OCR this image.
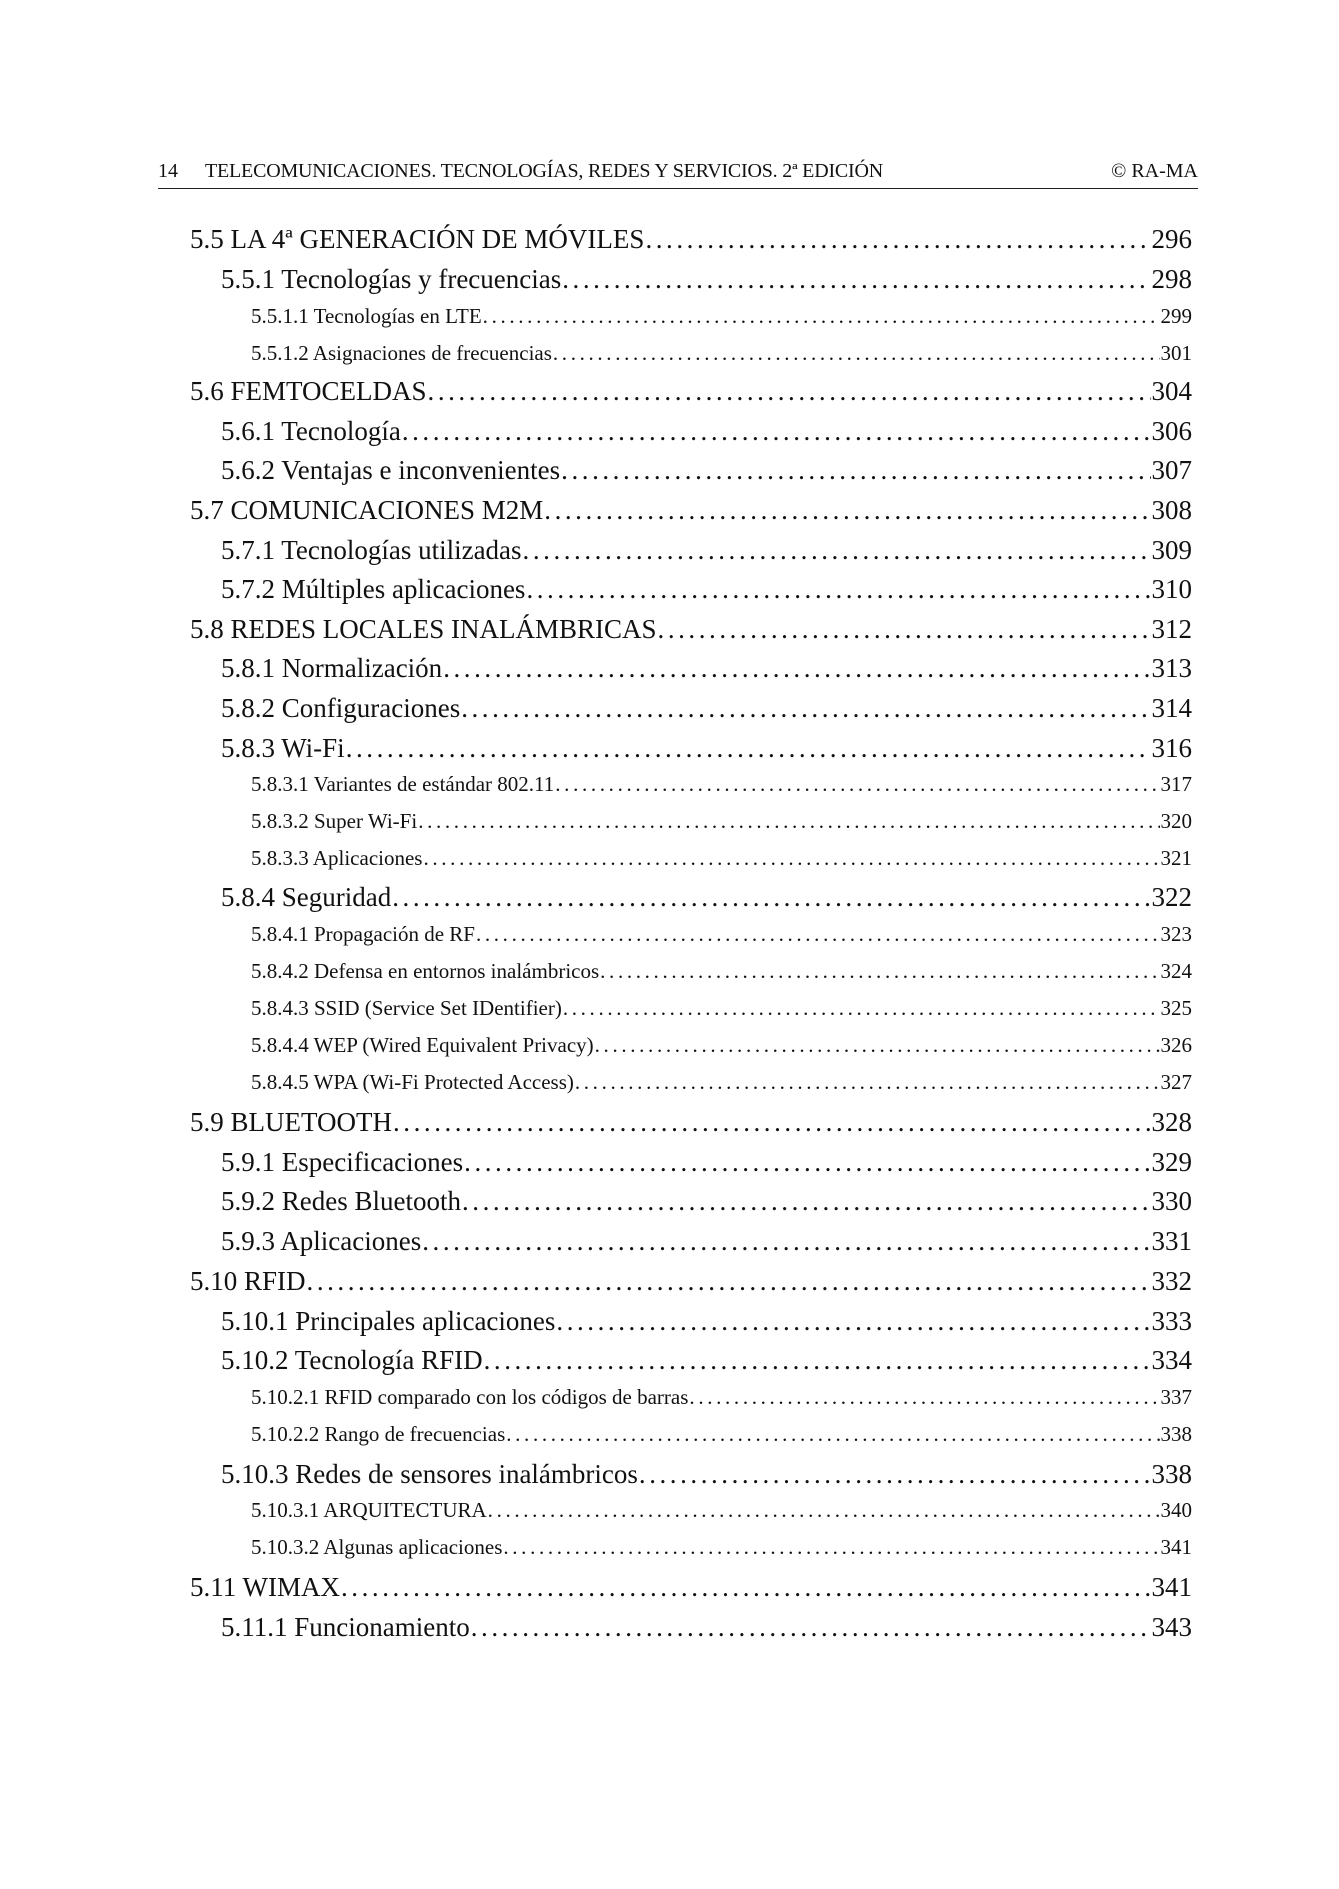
14 TELECOMUNICACIONES. TECNOLOGÍAS, REDES Y SERVICIOS. 2ª EDICIÓN	© RA-MA
5.5 LA 4ª GENERACIÓN DE MÓVILES . . .	296
5.5.1 Tecnologías y frecuencias . . .	298
5.5.1.1 Tecnologías en LTE . . .	299
5.5.1.2 Asignaciones de frecuencias . . .	301
5.6 FEMTOCELDAS . . .	304
5.6.1 Tecnología . . .	306
5.6.2 Ventajas e inconvenientes . . .	307
5.7 COMUNICACIONES M2M . . .	308
5.7.1 Tecnologías utilizadas . . .	309
5.7.2 Múltiples aplicaciones . . .	310
5.8 REDES LOCALES INALÁMBRICAS . . .	312
5.8.1 Normalización . . .	313
5.8.2 Configuraciones . . .	314
5.8.3 Wi-Fi . . .	316
5.8.3.1 Variantes de estándar 802.11 . . .	317
5.8.3.2 Super Wi-Fi . . .	320
5.8.3.3 Aplicaciones . . .	321
5.8.4 Seguridad . . .	322
5.8.4.1 Propagación de RF . . .	323
5.8.4.2 Defensa en entornos inalámbricos . . .	324
5.8.4.3 SSID (Service Set IDentifier) . . .	325
5.8.4.4 WEP (Wired Equivalent Privacy) . . .	326
5.8.4.5 WPA (Wi-Fi Protected Access) . . .	327
5.9 BLUETOOTH . . .	328
5.9.1 Especificaciones . . .	329
5.9.2 Redes Bluetooth . . .	330
5.9.3 Aplicaciones . . .	331
5.10 RFID . . .	332
5.10.1 Principales aplicaciones . . .	333
5.10.2 Tecnología RFID . . .	334
5.10.2.1 RFID comparado con los códigos de barras . . .	337
5.10.2.2 Rango de frecuencias . . .	338
5.10.3 Redes de sensores inalámbricos . . .	338
5.10.3.1 ARQUITECTURA . . .	340
5.10.3.2 Algunas aplicaciones . . .	341
5.11 WIMAX . . .	341
5.11.1 Funcionamiento . . .	343
